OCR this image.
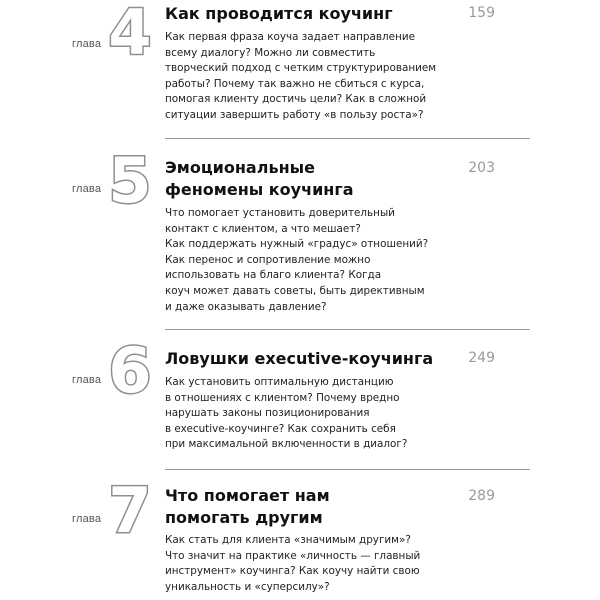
глава 4 Как проводится коучинг	159

Как первая фраза коуча задает направление
всему диалогу? Можно ли совместить
творческий подход с четким структурированием
работы? Почему так важно не сбиться с курса,
помогая клиенту достичь цели? Как в сложной
ситуации завершить работу «в пользу роста»?

глава 5 Эмоциональные
феномены коучинга
203

Что помогает установить доверительный
контакт с клиентом, а что мешает?
Как поддержать нужный «градус» отношений?
Как перенос и сопротивление можно
использовать на благо клиента? Когда
коуч может давать советы, быть директивным
и даже оказывать давление?

глава 6 Ловушки executive-коучинга	249

Как установить оптимальную дистанцию
в отношениях с клиентом? Почему вредно
нарушать законы позиционирования
в executive-коучинге? Как сохранить себя
при максимальной включенности в диалог?

глава 7 Что помогает нам
помогать другим
289

Как стать для клиента «значимым другим»?
Что значит на практике «личность — главный
инструмент» коучинга? Как коучу найти свою
уникальность и «суперсилу»?
